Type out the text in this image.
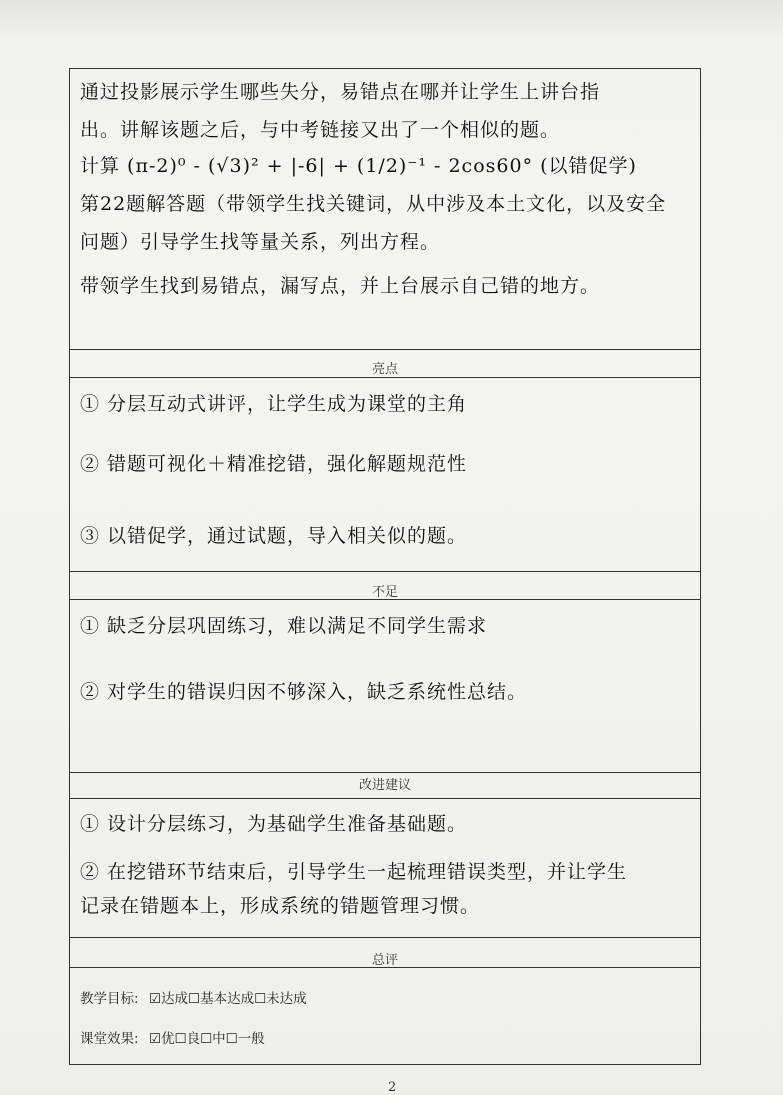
通过投影展示学生哪些失分，易错点在哪并让学生上讲台指
出。讲解该题之后，与中考链接又出了一个相似的题。
计算 (π-2)⁰ - (√3)² + |-6| + (1/2)⁻¹ - 2cos60° (以错促学)
第22题解答题（带领学生找关键词，从中涉及本土文化，以及安全
问题）引导学生找等量关系，列出方程。
带领学生找到易错点，漏写点，并上台展示自己错的地方。
亮点
① 分层互动式讲评，让学生成为课堂的主角
② 错题可视化＋精准挖错，强化解题规范性
③ 以错促学，通过试题，导入相关似的题。
不足
① 缺乏分层巩固练习，难以满足不同学生需求
② 对学生的错误归因不够深入，缺乏系统性总结。
改进建议
① 设计分层练习，为基础学生准备基础题。
② 在挖错环节结束后，引导学生一起梳理错误类型，并让学生
记录在错题本上，形成系统的错题管理习惯。
总评
教学目标: ☑达成☐基本达成☐未达成
课堂效果: ☑优☐良☐中☐一般
2
